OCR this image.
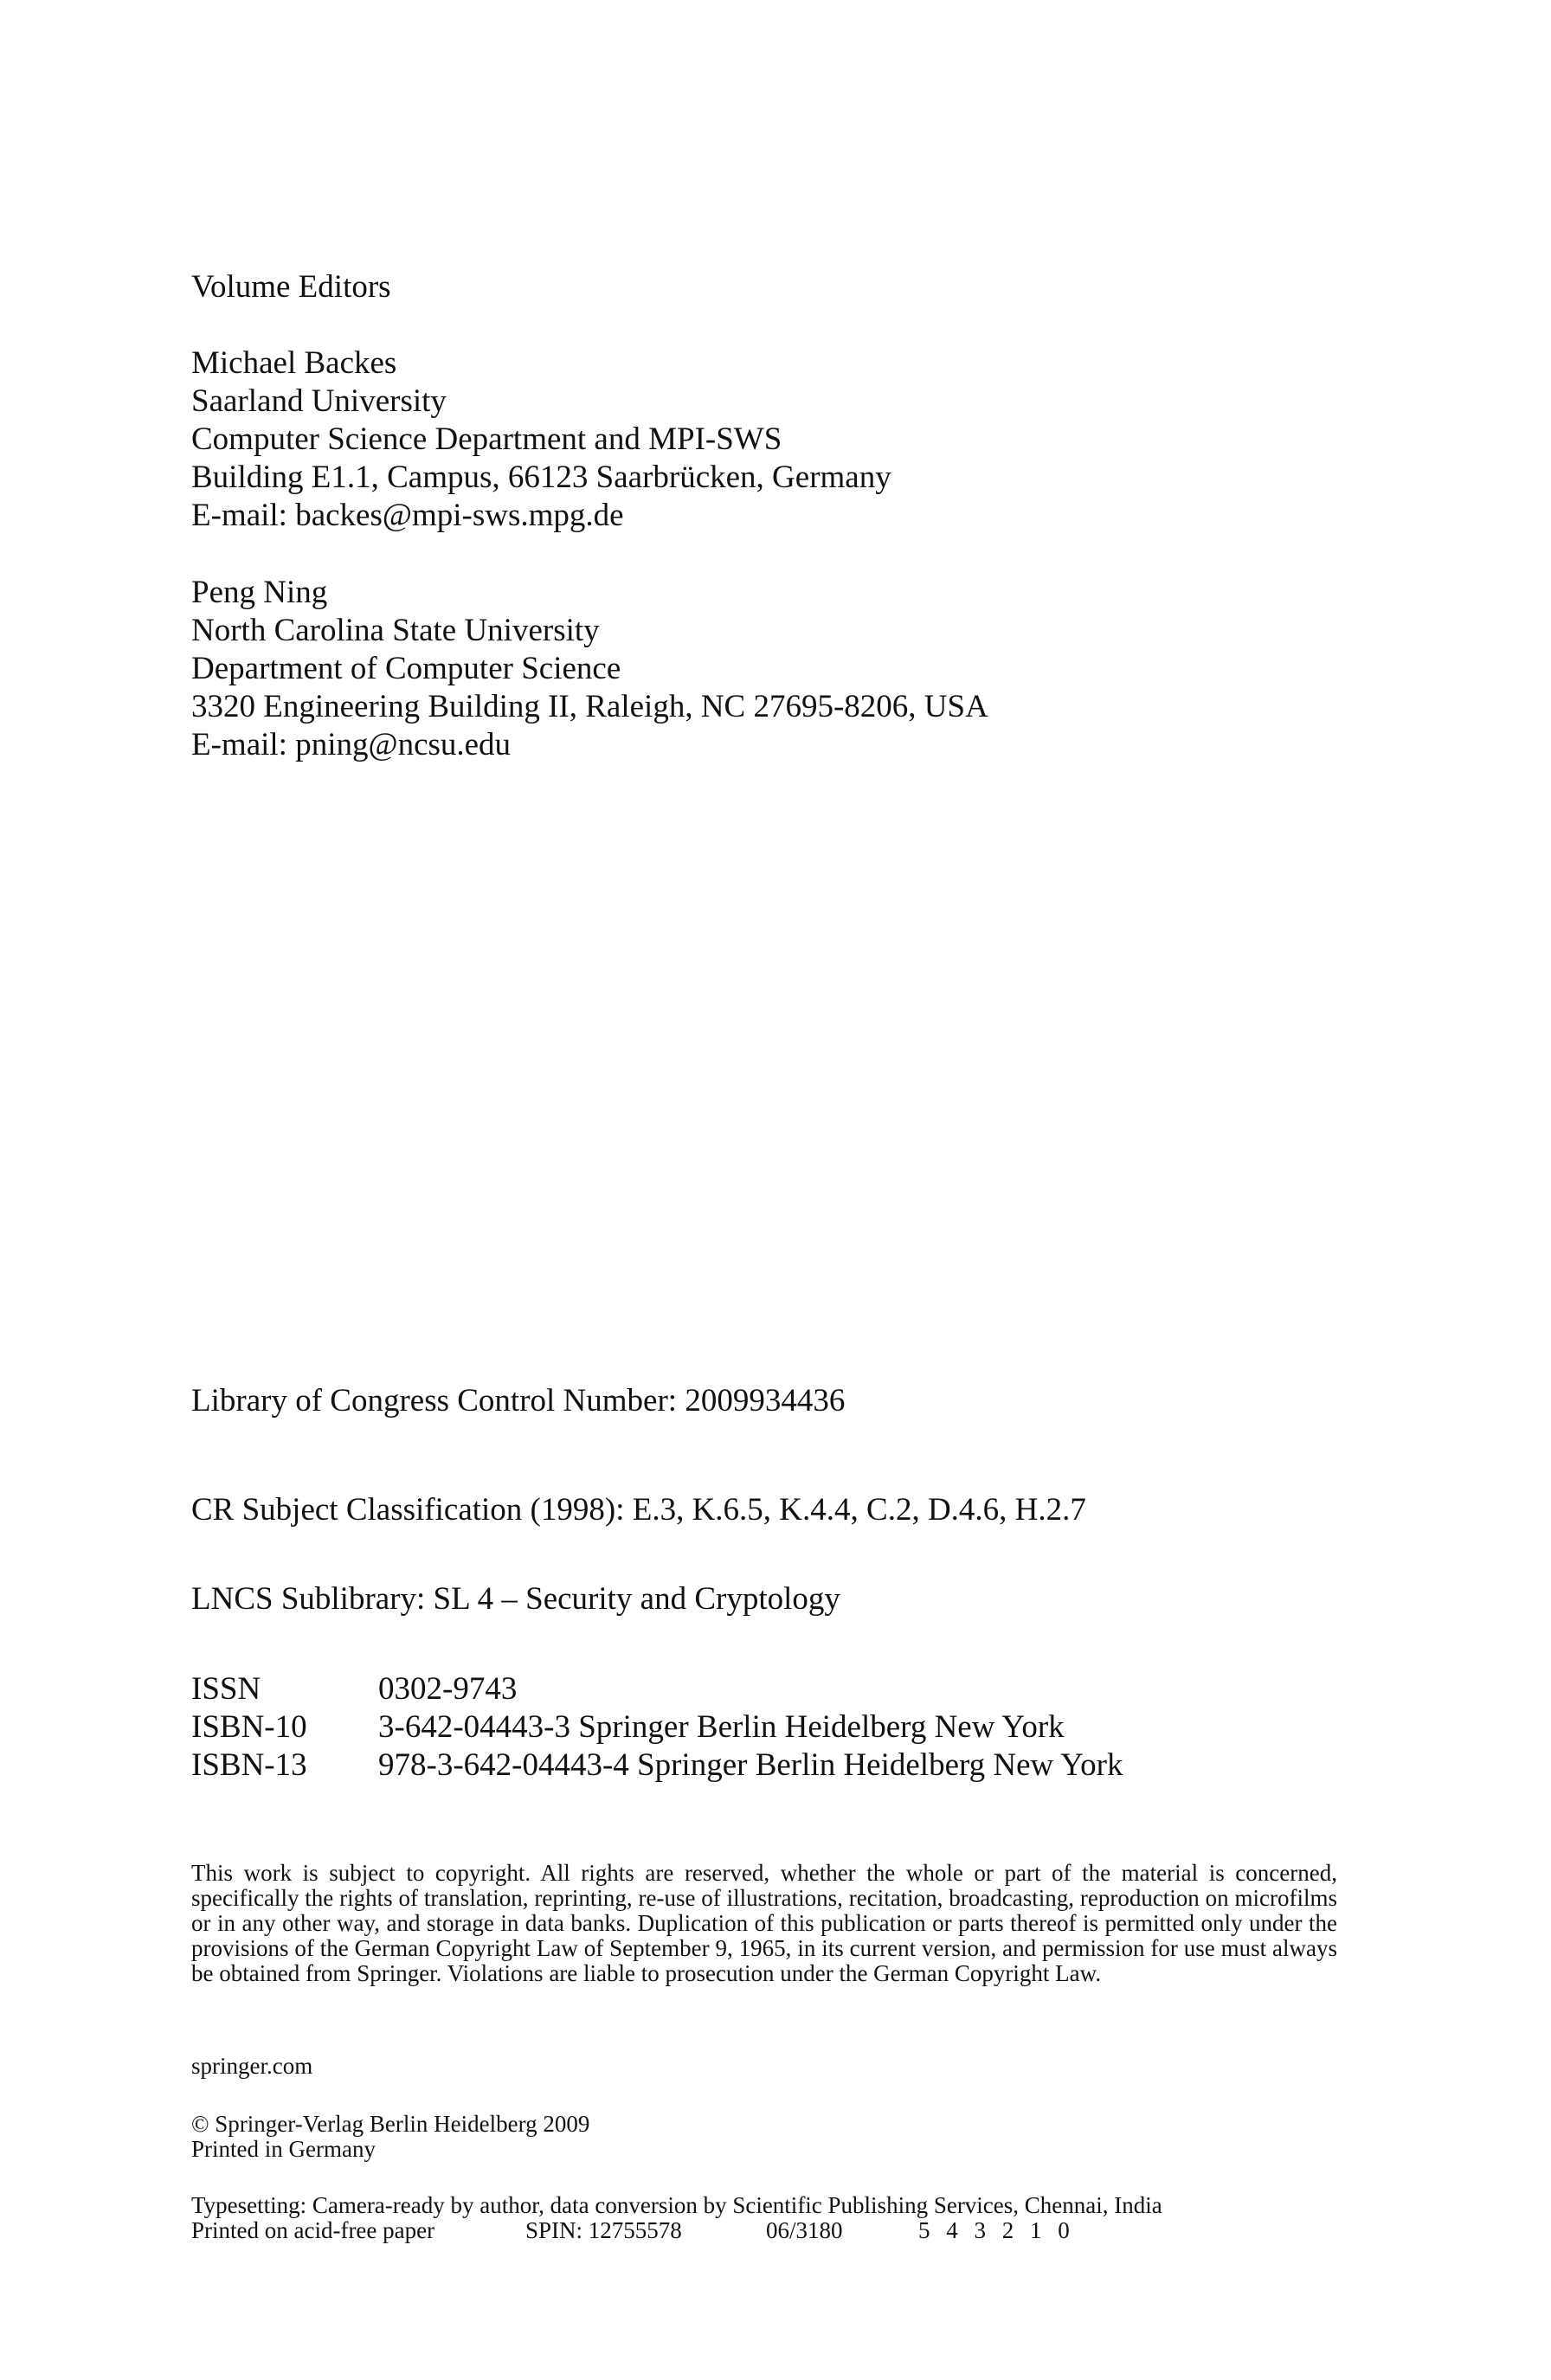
Volume Editors
Michael Backes
Saarland University
Computer Science Department and MPI-SWS
Building E1.1, Campus, 66123 Saarbrücken, Germany
E-mail: backes@mpi-sws.mpg.de
Peng Ning
North Carolina State University
Department of Computer Science
3320 Engineering Building II, Raleigh, NC 27695-8206, USA
E-mail: pning@ncsu.edu
Library of Congress Control Number: 2009934436
CR Subject Classification (1998): E.3, K.6.5, K.4.4, C.2, D.4.6, H.2.7
LNCS Sublibrary: SL 4 – Security and Cryptology
ISSN	0302-9743
ISBN-10	3-642-04443-3 Springer Berlin Heidelberg New York
ISBN-13	978-3-642-04443-4 Springer Berlin Heidelberg New York
This work is subject to copyright. All rights are reserved, whether the whole or part of the material is concerned, specifically the rights of translation, reprinting, re-use of illustrations, recitation, broadcasting, reproduction on microfilms or in any other way, and storage in data banks. Duplication of this publication or parts thereof is permitted only under the provisions of the German Copyright Law of September 9, 1965, in its current version, and permission for use must always be obtained from Springer. Violations are liable to prosecution under the German Copyright Law.
springer.com
© Springer-Verlag Berlin Heidelberg 2009
Printed in Germany
Typesetting: Camera-ready by author, data conversion by Scientific Publishing Services, Chennai, India
Printed on acid-free paper	SPIN: 12755578	06/3180	5 4 3 2 1 0
